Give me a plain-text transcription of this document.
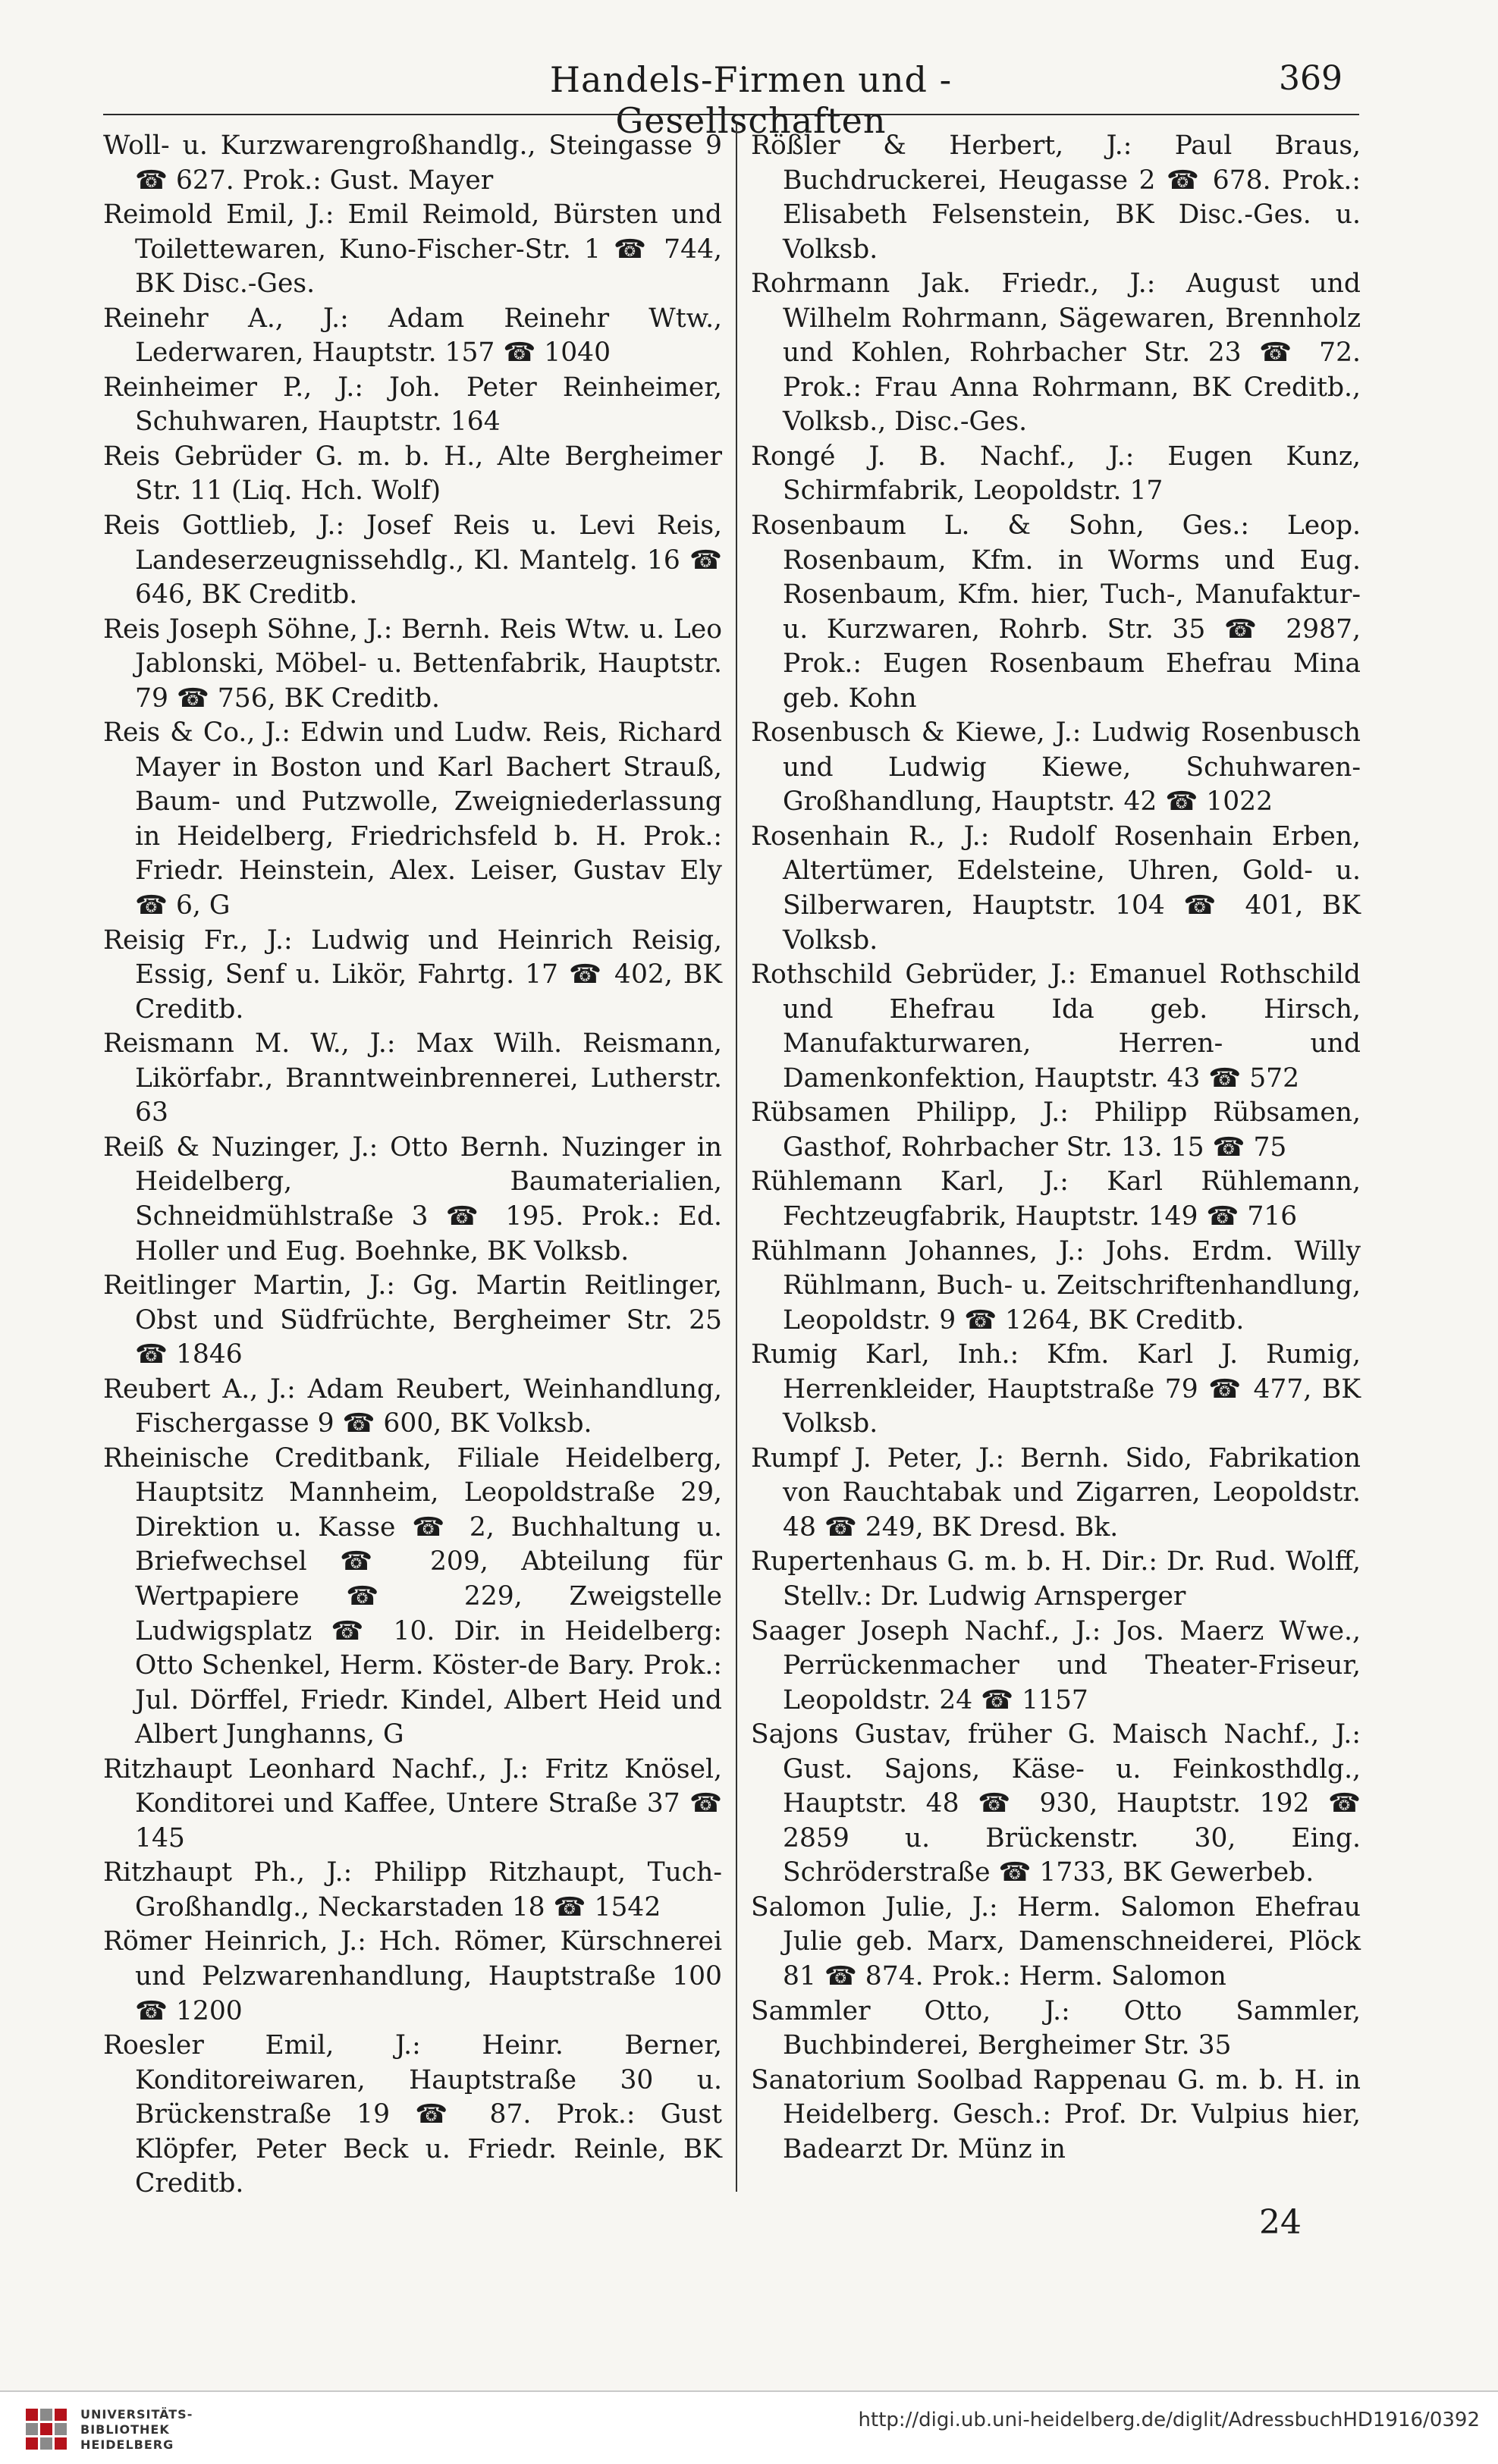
Handels-Firmen und -Gesellschaften
369

Woll- u. Kurzwarengroßhandlg., Steingasse 9 ☎ 627. Prok.: Gust. Mayer

Reimold Emil, J.: Emil Reimold, Bürsten und Toilettewaren, Kuno-Fischer-Str. 1 ☎ 744, BK Disc.-Ges.

Reinehr A., J.: Adam Reinehr Wtw., Lederwaren, Hauptstr. 157 ☎ 1040

Reinheimer P., J.: Joh. Peter Reinheimer, Schuhwaren, Hauptstr. 164

Reis Gebrüder G. m. b. H., Alte Bergheimer Str. 11 (Liq. Hch. Wolf)

Reis Gottlieb, J.: Josef Reis u. Levi Reis, Landeserzeugnissehdlg., Kl. Mantelg. 16 ☎ 646, BK Creditb.

Reis Joseph Söhne, J.: Bernh. Reis Wtw. u. Leo Jablonski, Möbel- u. Bettenfabrik, Hauptstr. 79 ☎ 756, BK Creditb.

Reis & Co., J.: Edwin und Ludw. Reis, Richard Mayer in Boston und Karl Bachert Strauß, Baum- und Putzwolle, Zweigniederlassung in Heidelberg, Friedrichsfeld b. H. Prok.: Friedr. Heinstein, Alex. Leiser, Gustav Ely ☎ 6, G

Reisig Fr., J.: Ludwig und Heinrich Reisig, Essig, Senf u. Likör, Fahrtg. 17 ☎ 402, BK Creditb.

Reismann M. W., J.: Max Wilh. Reismann, Likörfabr., Branntweinbrennerei, Lutherstr. 63

Reiß & Nuzinger, J.: Otto Bernh. Nuzinger in Heidelberg, Baumaterialien, Schneidmühlstraße 3 ☎ 195. Prok.: Ed. Holler und Eug. Boehnke, BK Volksb.

Reitlinger Martin, J.: Gg. Martin Reitlinger, Obst und Südfrüchte, Bergheimer Str. 25 ☎ 1846

Reubert A., J.: Adam Reubert, Weinhandlung, Fischergasse 9 ☎ 600, BK Volksb.

Rheinische Creditbank, Filiale Heidelberg, Hauptsitz Mannheim, Leopoldstraße 29, Direktion u. Kasse ☎ 2, Buchhaltung u. Briefwechsel ☎ 209, Abteilung für Wertpapiere ☎ 229, Zweigstelle Ludwigsplatz ☎ 10. Dir. in Heidelberg: Otto Schenkel, Herm. Köster-de Bary. Prok.: Jul. Dörffel, Friedr. Kindel, Albert Heid und Albert Junghanns, G

Ritzhaupt Leonhard Nachf., J.: Fritz Knösel, Konditorei und Kaffee, Untere Straße 37 ☎ 145

Ritzhaupt Ph., J.: Philipp Ritzhaupt, Tuch-Großhandlg., Neckarstaden 18 ☎ 1542

Römer Heinrich, J.: Hch. Römer, Kürschnerei und Pelzwarenhandlung, Hauptstraße 100 ☎ 1200

Roesler Emil, J.: Heinr. Berner, Konditoreiwaren, Hauptstraße 30 u. Brückenstraße 19 ☎ 87. Prok.: Gust Klöpfer, Peter Beck u. Friedr. Reinle, BK Creditb.

Rößler & Herbert, J.: Paul Braus, Buchdruckerei, Heugasse 2 ☎ 678. Prok.: Elisabeth Felsenstein, BK Disc.-Ges. u. Volksb.

Rohrmann Jak. Friedr., J.: August und Wilhelm Rohrmann, Sägewaren, Brennholz und Kohlen, Rohrbacher Str. 23 ☎ 72. Prok.: Frau Anna Rohrmann, BK Creditb., Volksb., Disc.-Ges.

Rongé J. B. Nachf., J.: Eugen Kunz, Schirmfabrik, Leopoldstr. 17

Rosenbaum L. & Sohn, Ges.: Leop. Rosenbaum, Kfm. in Worms und Eug. Rosenbaum, Kfm. hier, Tuch-, Manufaktur- u. Kurzwaren, Rohrb. Str. 35 ☎ 2987, Prok.: Eugen Rosenbaum Ehefrau Mina geb. Kohn

Rosenbusch & Kiewe, J.: Ludwig Rosenbusch und Ludwig Kiewe, Schuhwaren-Großhandlung, Hauptstr. 42 ☎ 1022

Rosenhain R., J.: Rudolf Rosenhain Erben, Altertümer, Edelsteine, Uhren, Gold- u. Silberwaren, Hauptstr. 104 ☎ 401, BK Volksb.

Rothschild Gebrüder, J.: Emanuel Rothschild und Ehefrau Ida geb. Hirsch, Manufakturwaren, Herren- und Damenkonfektion, Hauptstr. 43 ☎ 572

Rübsamen Philipp, J.: Philipp Rübsamen, Gasthof, Rohrbacher Str. 13. 15 ☎ 75

Rühlemann Karl, J.: Karl Rühlemann, Fechtzeugfabrik, Hauptstr. 149 ☎ 716

Rühlmann Johannes, J.: Johs. Erdm. Willy Rühlmann, Buch- u. Zeitschriftenhandlung, Leopoldstr. 9 ☎ 1264, BK Creditb.

Rumig Karl, Inh.: Kfm. Karl J. Rumig, Herrenkleider, Hauptstraße 79 ☎ 477, BK Volksb.

Rumpf J. Peter, J.: Bernh. Sido, Fabrikation von Rauchtabak und Zigarren, Leopoldstr. 48 ☎ 249, BK Dresd. Bk.

Rupertenhaus G. m. b. H. Dir.: Dr. Rud. Wolff, Stellv.: Dr. Ludwig Arnsperger

Saager Joseph Nachf., J.: Jos. Maerz Wwe., Perrückenmacher und Theater-Friseur, Leopoldstr. 24 ☎ 1157

Sajons Gustav, früher G. Maisch Nachf., J.: Gust. Sajons, Käse- u. Feinkosthdlg., Hauptstr. 48 ☎ 930, Hauptstr. 192 ☎ 2859 u. Brückenstr. 30, Eing. Schröderstraße ☎ 1733, BK Gewerbeb.

Salomon Julie, J.: Herm. Salomon Ehefrau Julie geb. Marx, Damenschneiderei, Plöck 81 ☎ 874. Prok.: Herm. Salomon

Sammler Otto, J.: Otto Sammler, Buchbinderei, Bergheimer Str. 35

Sanatorium Soolbad Rappenau G. m. b. H. in Heidelberg. Gesch.: Prof. Dr. Vulpius hier, Badearzt Dr. Münz in

24
UNIVERSITÄTS-
BIBLIOTHEK
HEIDELBERG
http://digi.ub.uni-heidelberg.de/diglit/AdressbuchHD1916/0392
